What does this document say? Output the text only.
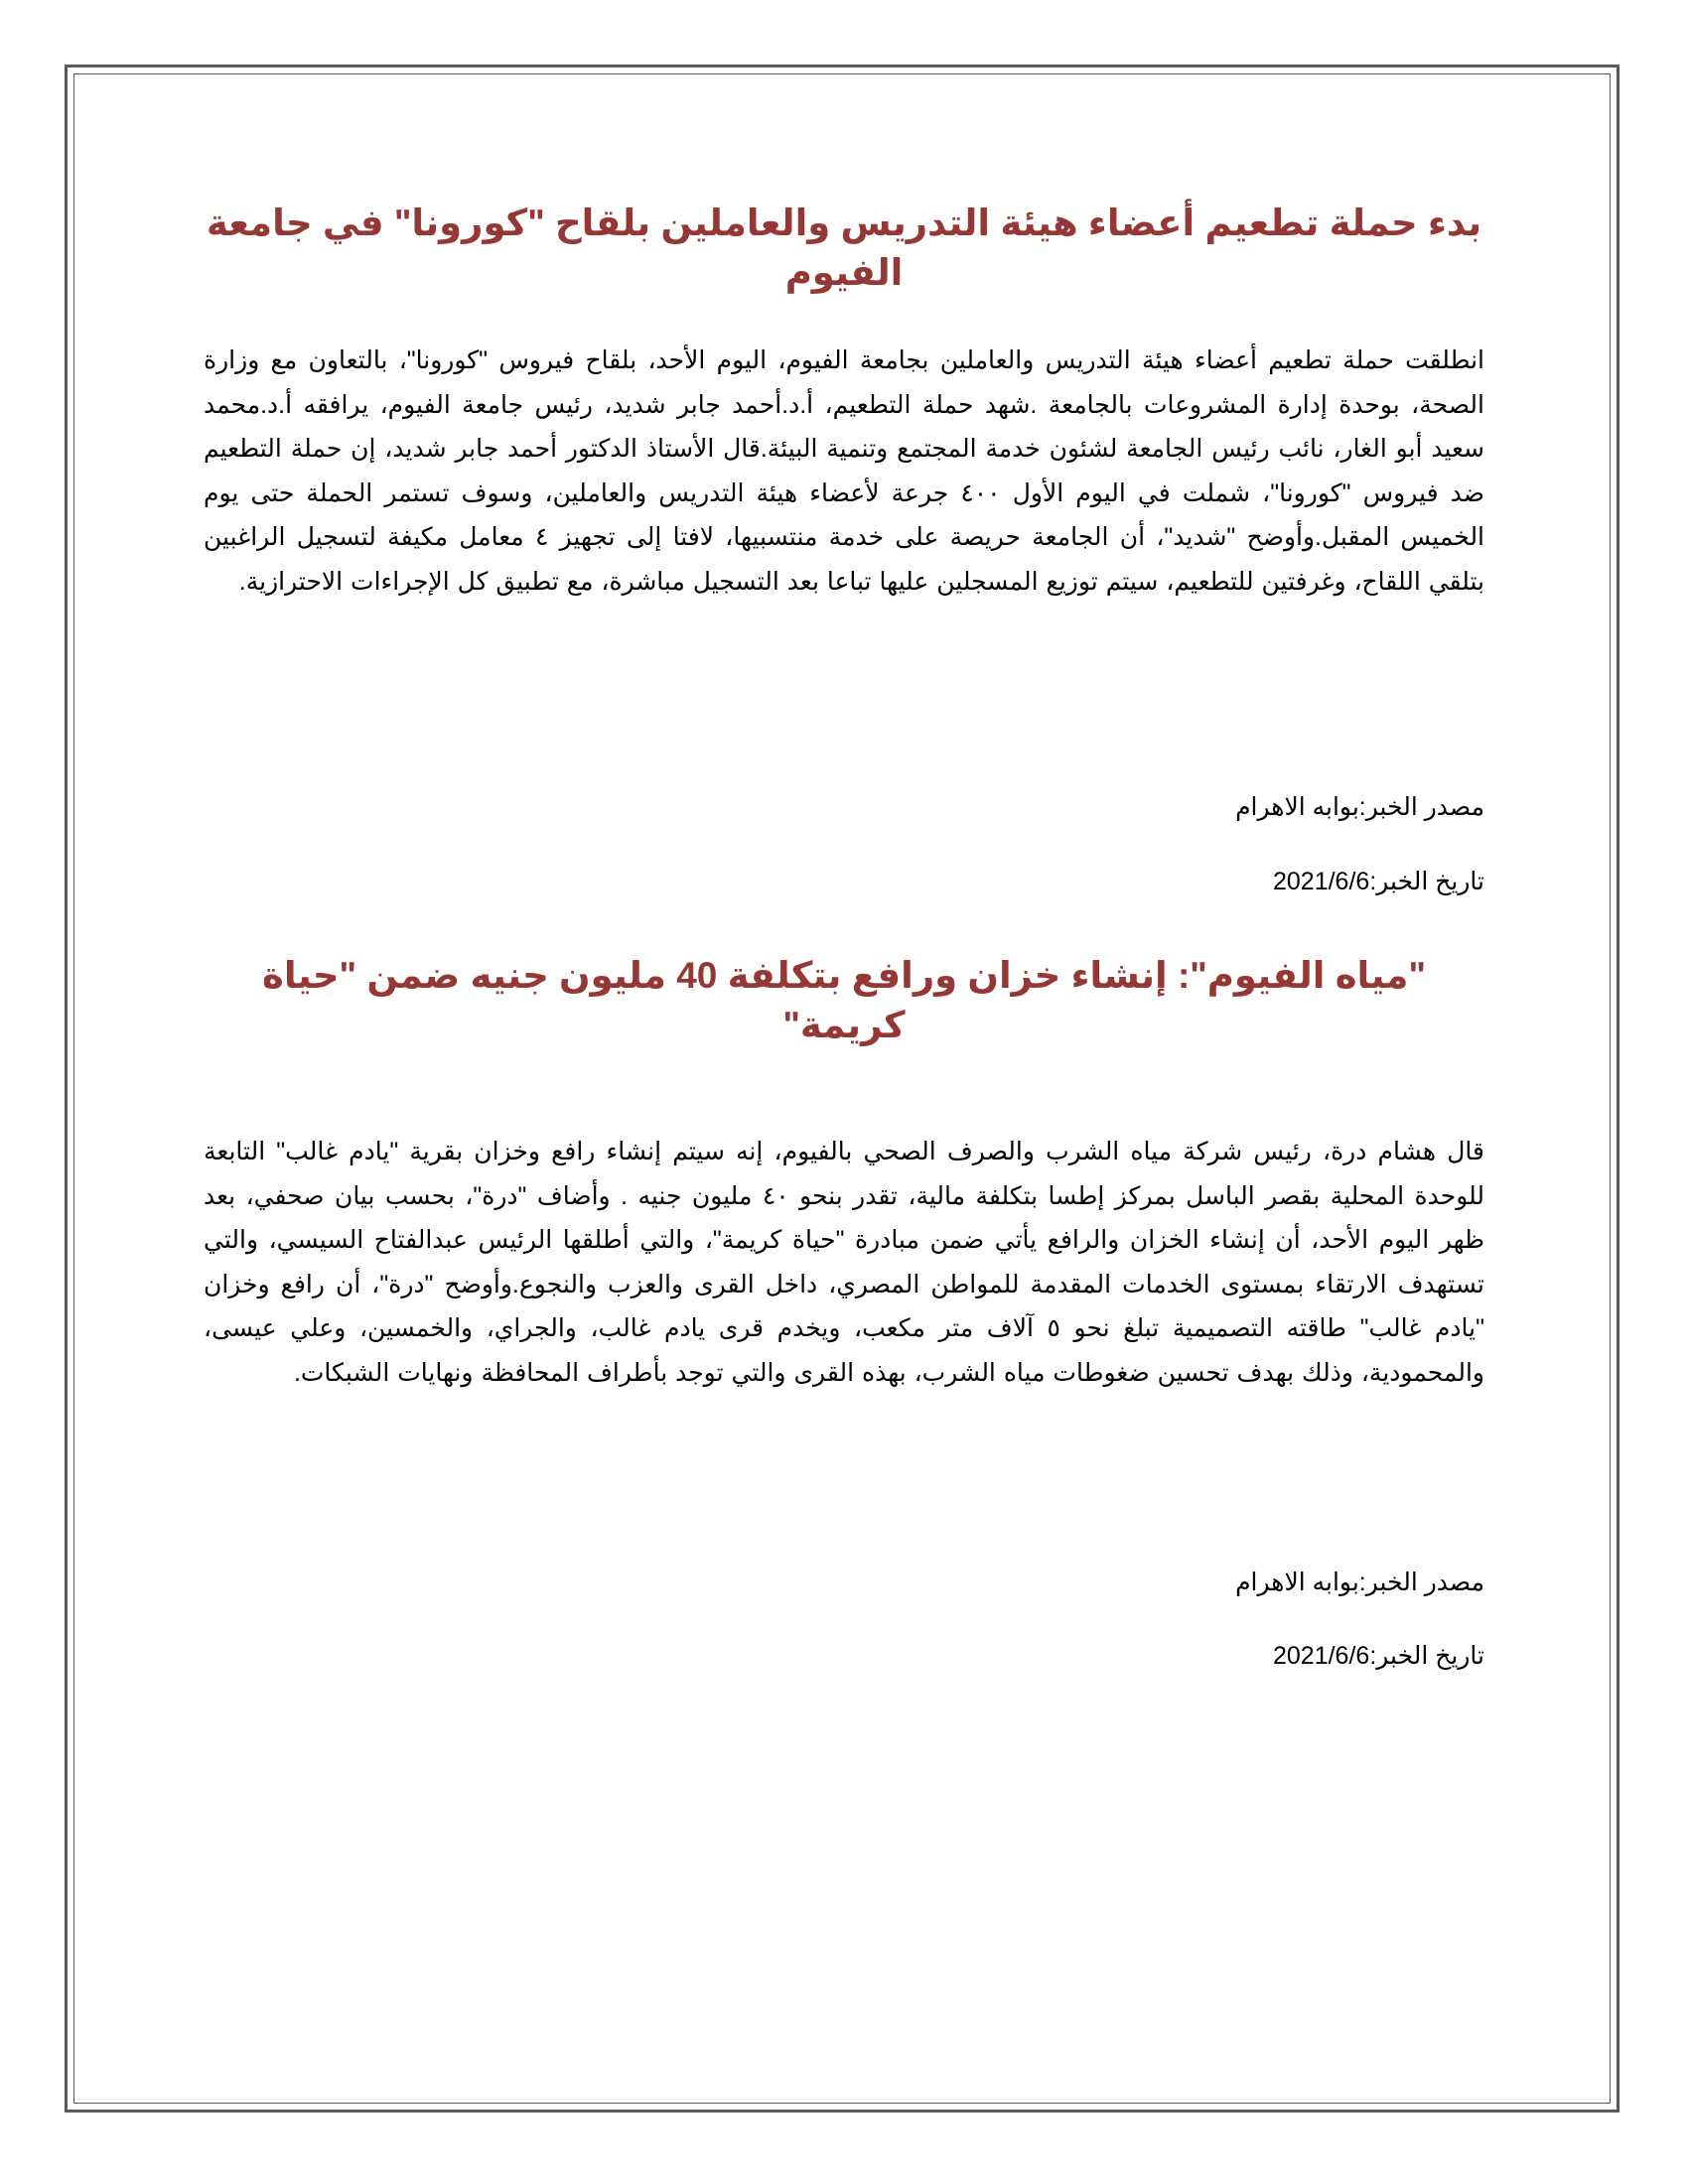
بدء حملة تطعيم أعضاء هيئة التدريس والعاملين بلقاح "كورونا" في جامعة الفيوم

انطلقت حملة تطعيم أعضاء هيئة التدريس والعاملين بجامعة الفيوم، اليوم الأحد، بلقاح فيروس "كورونا"، بالتعاون مع وزارة الصحة، بوحدة إدارة المشروعات بالجامعة .شهد حملة التطعيم، أ.د.أحمد جابر شديد، رئيس جامعة الفيوم، يرافقه أ.د.محمد سعيد أبو الغار، نائب رئيس الجامعة لشئون خدمة المجتمع وتنمية البيئة.قال الأستاذ الدكتور أحمد جابر شديد، إن حملة التطعيم ضد فيروس "كورونا"، شملت في اليوم الأول ٤٠٠ جرعة لأعضاء هيئة التدريس والعاملين، وسوف تستمر الحملة حتى يوم الخميس المقبل.وأوضح "شديد"، أن الجامعة حريصة على خدمة منتسبيها، لافتا إلى تجهيز ٤ معامل مكيفة لتسجيل الراغبين بتلقي اللقاح، وغرفتين للتطعيم، سيتم توزيع المسجلين عليها تباعا بعد التسجيل مباشرة، مع تطبيق كل الإجراءات الاحترازية.

مصدر الخبر:بوابه الاهرام

تاريخ الخبر:2021/6/6

"مياه الفيوم": إنشاء خزان ورافع بتكلفة 40 مليون جنيه ضمن "حياة كريمة"

قال هشام درة، رئيس شركة مياه الشرب والصرف الصحي بالفيوم، إنه سيتم إنشاء رافع وخزان بقرية "يادم غالب" التابعة للوحدة المحلية بقصر الباسل بمركز إطسا بتكلفة مالية، تقدر بنحو ٤٠ مليون جنيه . وأضاف "درة"، بحسب بيان صحفي، بعد ظهر اليوم الأحد، أن إنشاء الخزان والرافع يأتي ضمن مبادرة "حياة كريمة"، والتي أطلقها الرئيس عبدالفتاح السيسي، والتي تستهدف الارتقاء بمستوى الخدمات المقدمة للمواطن المصري، داخل القرى والعزب والنجوع.وأوضح "درة"، أن رافع وخزان "يادم غالب" طاقته التصميمية تبلغ نحو ٥ آلاف متر مكعب، ويخدم قرى يادم غالب، والجراي، والخمسين، وعلي عيسى، والمحمودية، وذلك بهدف تحسين ضغوطات مياه الشرب، بهذه القرى والتي توجد بأطراف المحافظة ونهايات الشبكات.

مصدر الخبر:بوابه الاهرام

تاريخ الخبر:2021/6/6
